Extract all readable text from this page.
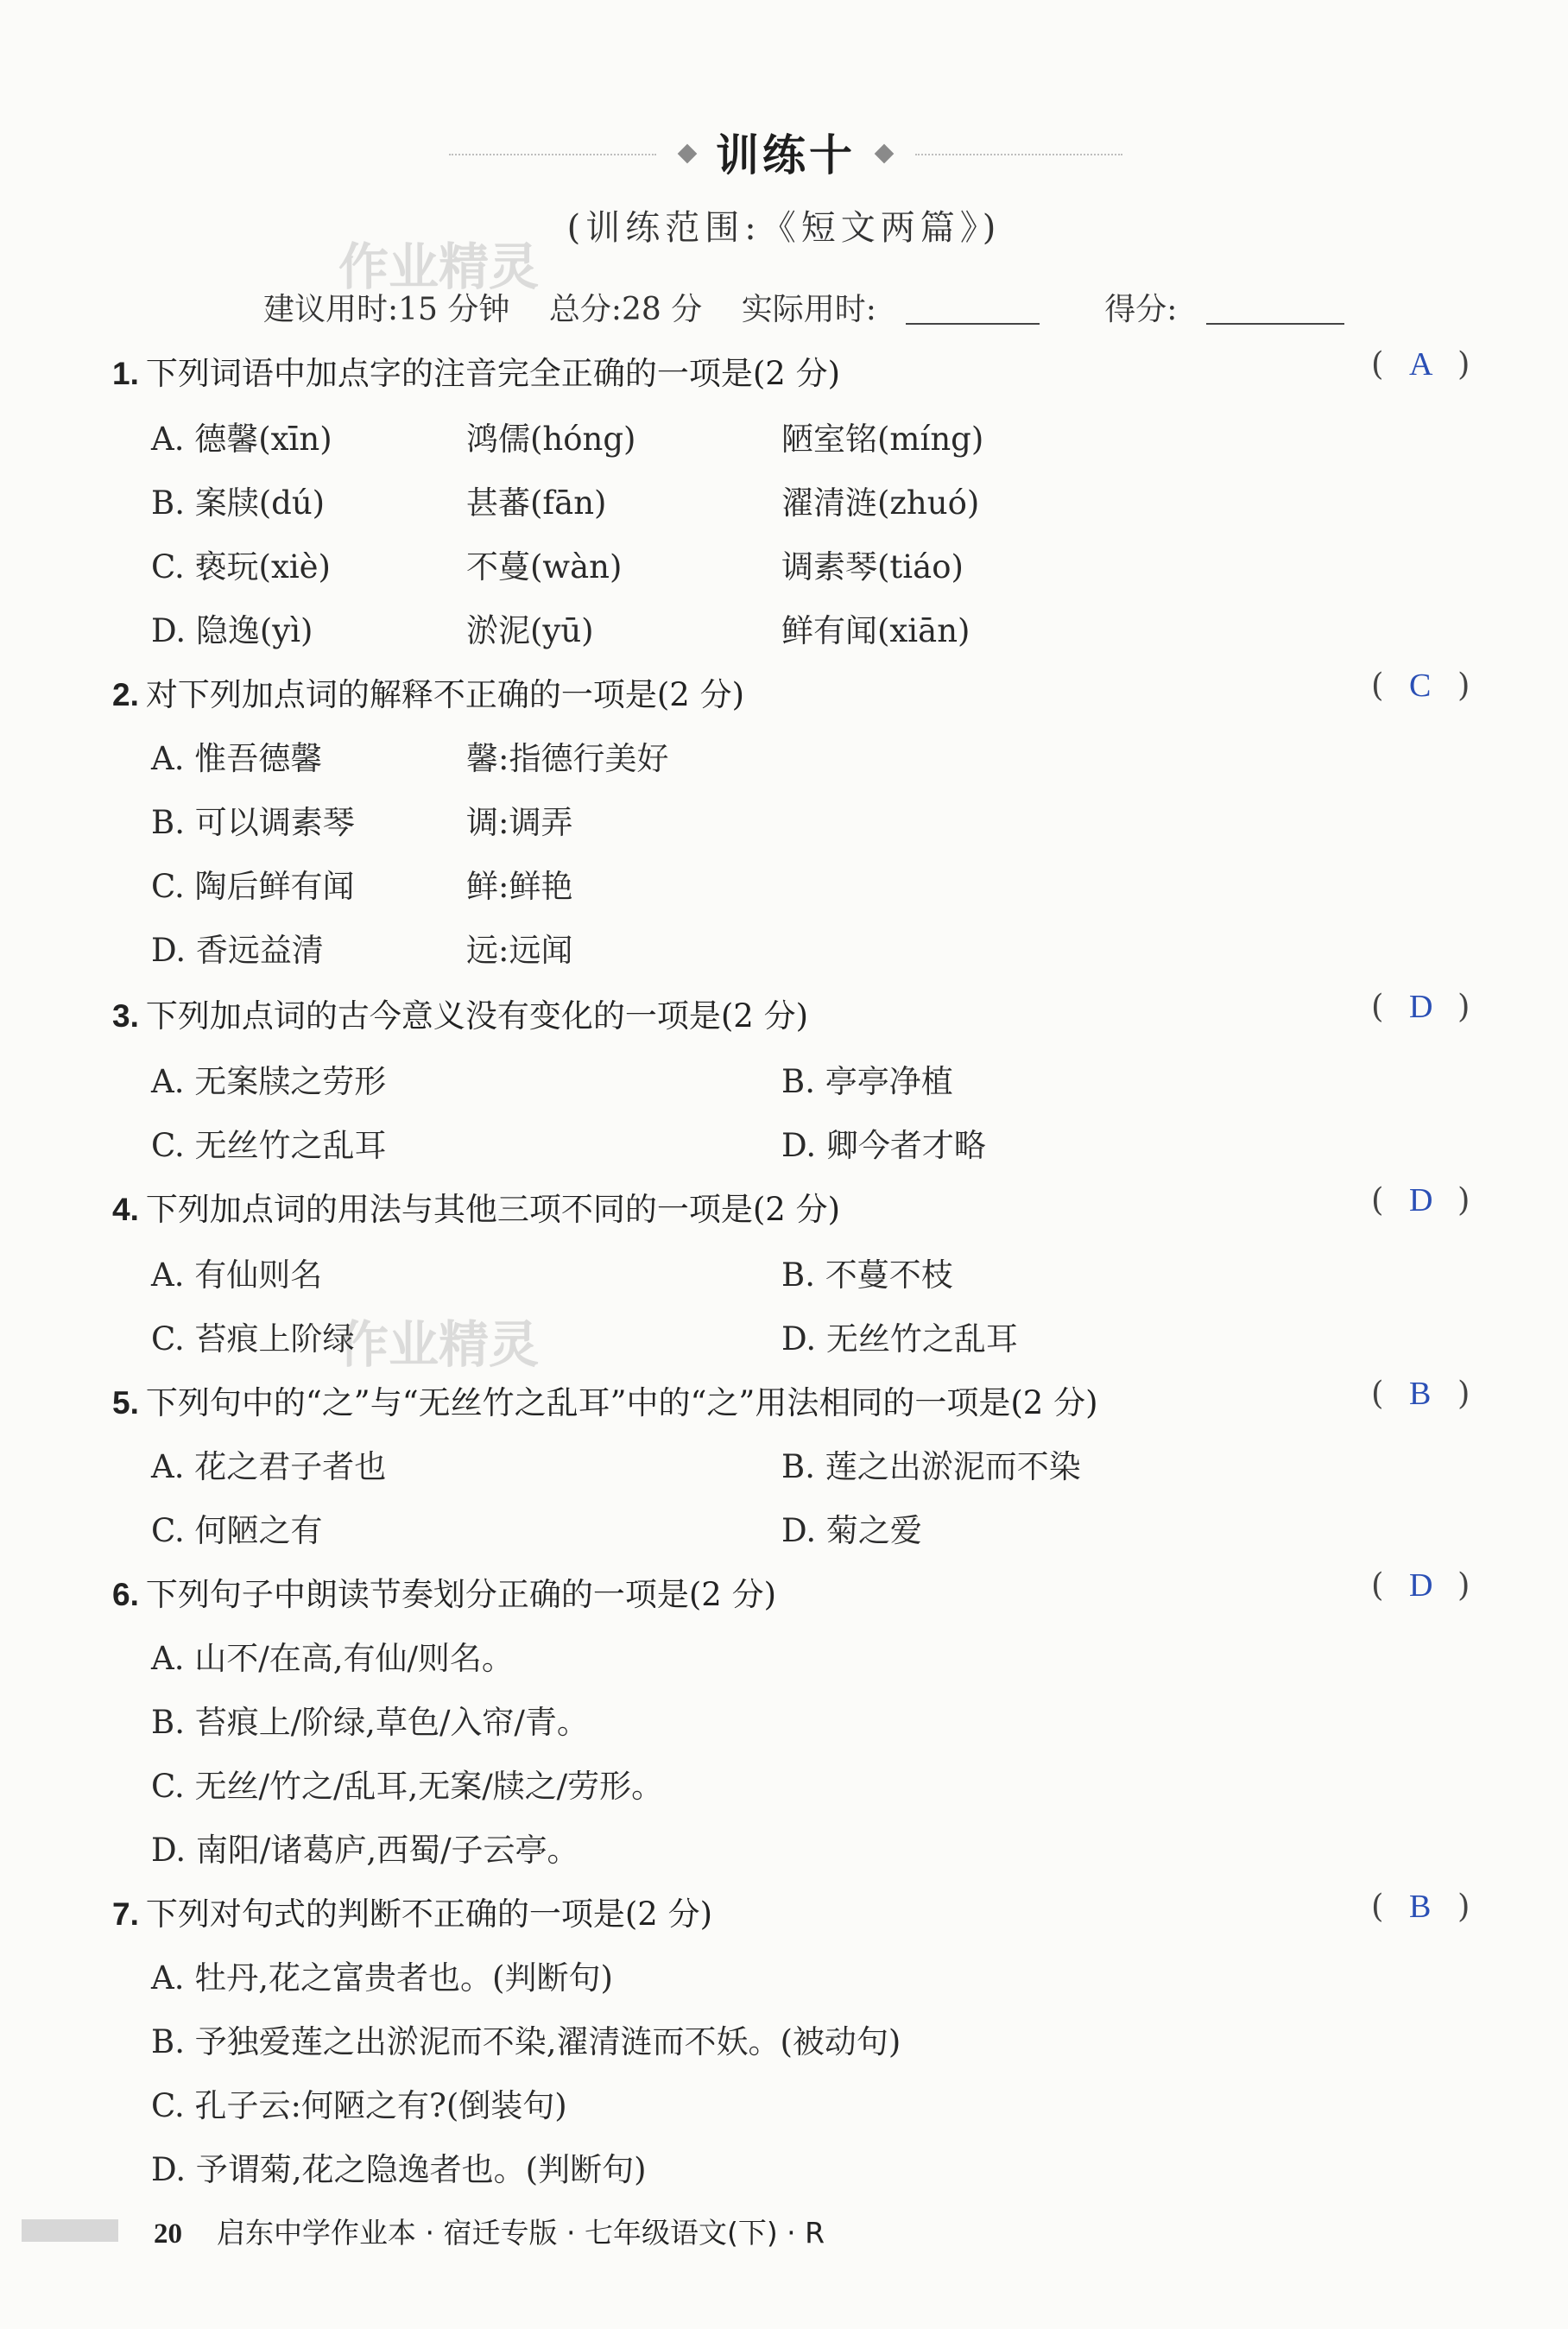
作业精灵
作业精灵
训练十
(训练范围:《短文两篇》)
建议用时:15 分钟 总分:28 分 实际用时:	得分:
1. 下列词语中加点字的注音完全正确的一项是(2 分)	( A )
A. 德馨(xīn)	鸿儒(hóng)	陋室铭(míng)
B. 案牍(dú)	甚蕃(fān)	濯清涟(zhuó)
C. 亵玩(xiè)	不蔓(wàn)	调素琴(tiáo)
D. 隐逸(yì)	淤泥(yū)	鲜有闻(xiān)
2. 对下列加点词的解释不正确的一项是(2 分)	( C )
A. 惟吾德馨	馨:指德行美好
B. 可以调素琴	调:调弄
C. 陶后鲜有闻	鲜:鲜艳
D. 香远益清	远:远闻
3. 下列加点词的古今意义没有变化的一项是(2 分)	( D )
A. 无案牍之劳形	B. 亭亭净植
C. 无丝竹之乱耳	D. 卿今者才略
4. 下列加点词的用法与其他三项不同的一项是(2 分)	( D )
A. 有仙则名	B. 不蔓不枝
C. 苔痕上阶绿	D. 无丝竹之乱耳
5. 下列句中的“之”与“无丝竹之乱耳”中的“之”用法相同的一项是(2 分)	( B )
A. 花之君子者也	B. 莲之出淤泥而不染
C. 何陋之有	D. 菊之爱
6. 下列句子中朗读节奏划分正确的一项是(2 分)	( D )
A. 山不/在高,有仙/则名。
B. 苔痕上/阶绿,草色/入帘/青。
C. 无丝/竹之/乱耳,无案/牍之/劳形。
D. 南阳/诸葛庐,西蜀/子云亭。
7. 下列对句式的判断不正确的一项是(2 分)	( B )
A. 牡丹,花之富贵者也。(判断句)
B. 予独爱莲之出淤泥而不染,濯清涟而不妖。(被动句)
C. 孔子云:何陋之有?(倒装句)
D. 予谓菊,花之隐逸者也。(判断句)
20 启东中学作业本 · 宿迁专版 · 七年级语文(下) · R
